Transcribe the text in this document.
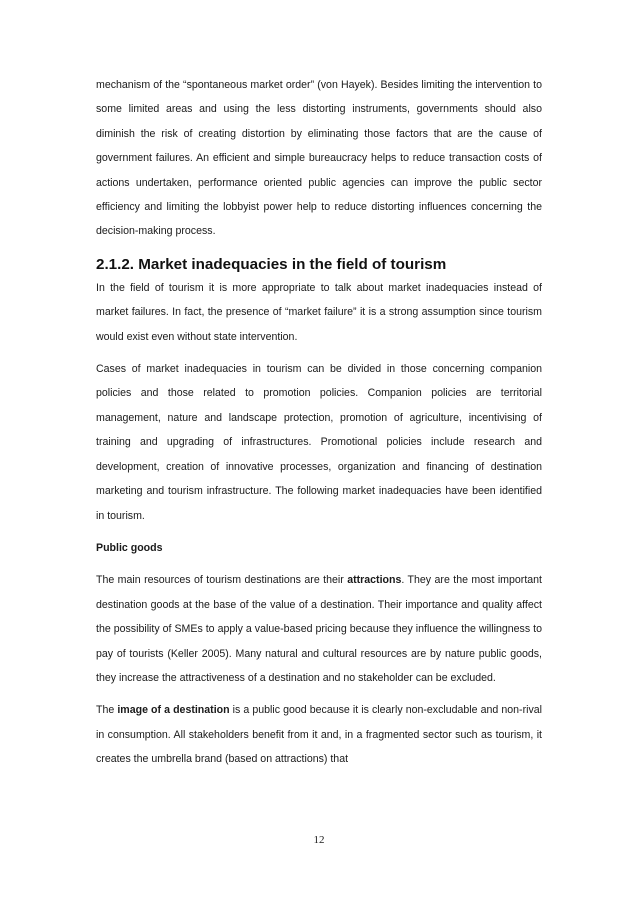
mechanism of the “spontaneous market order” (von Hayek). Besides limiting the intervention to some limited areas and using the less distorting instruments, governments should also diminish the risk of creating distortion by eliminating those factors that are the cause of government failures. An efficient and simple bureaucracy helps to reduce transaction costs of actions undertaken, performance oriented public agencies can improve the public sector efficiency and limiting the lobbyist power help to reduce distorting influences concerning the decision-making process.

2.1.2. Market inadequacies in the field of tourism

In the field of tourism it is more appropriate to talk about market inadequacies instead of market failures. In fact, the presence of “market failure” it is a strong assumption since tourism would exist even without state intervention.

Cases of market inadequacies in tourism can be divided in those concerning companion policies and those related to promotion policies. Companion policies are territorial management, nature and landscape protection, promotion of agriculture, incentivising of training and upgrading of infrastructures. Promotional policies include research and development, creation of innovative processes, organization and financing of destination marketing and tourism infrastructure. The following market inadequacies have been identified in tourism.

Public goods

The main resources of tourism destinations are their attractions. They are the most important destination goods at the base of the value of a destination. Their importance and quality affect the possibility of SMEs to apply a value-based pricing because they influence the willingness to pay of tourists (Keller 2005). Many natural and cultural resources are by nature public goods, they increase the attractiveness of a destination and no stakeholder can be excluded.

The image of a destination is a public good because it is clearly non-excludable and non-rival in consumption. All stakeholders benefit from it and, in a fragmented sector such as tourism, it creates the umbrella brand (based on attractions) that

12
